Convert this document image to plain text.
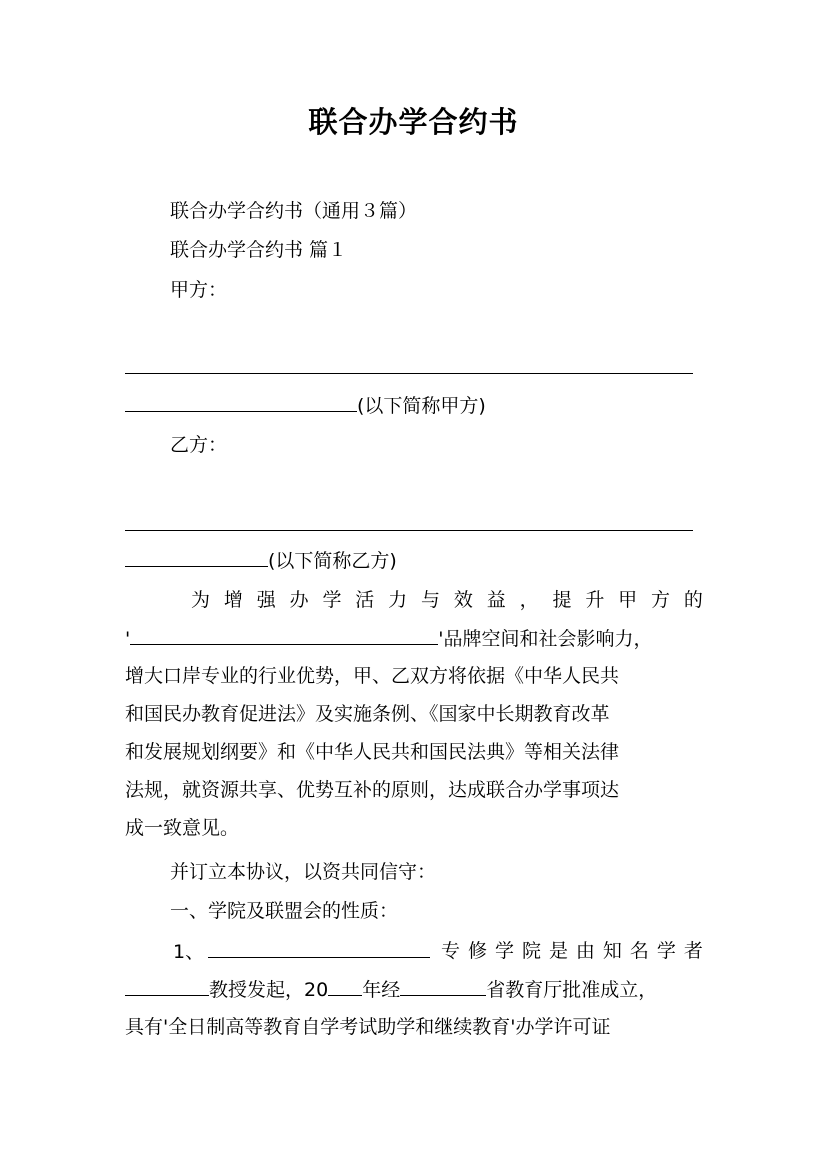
联合办学合约书
联合办学合约书（通用３篇）
联合办学合约书 篇１
甲方：
(以下简称甲方)
乙方：
(以下简称乙方)
为 增 强 办 学 活 力 与 效 益 ， 提 升 甲 方 的
'	'品牌空间和社会影响力，
增大口岸专业的行业优势，甲、乙双方将依据《中华人民共
和国民办教育促进法》及实施条例、《国家中长期教育改革
和发展规划纲要》和《中华人民共和国民法典》等相关法律
法规，就资源共享、优势互补的原则，达成联合办学事项达
成一致意见。
并订立本协议，以资共同信守：
一、学院及联盟会的性质：
1、	专 修 学 院 是 由 知 名 学 者
教授发起，20 年经	省教育厅批准成立，
具有'全日制高等教育自学考试助学和继续教育'办学许可证
